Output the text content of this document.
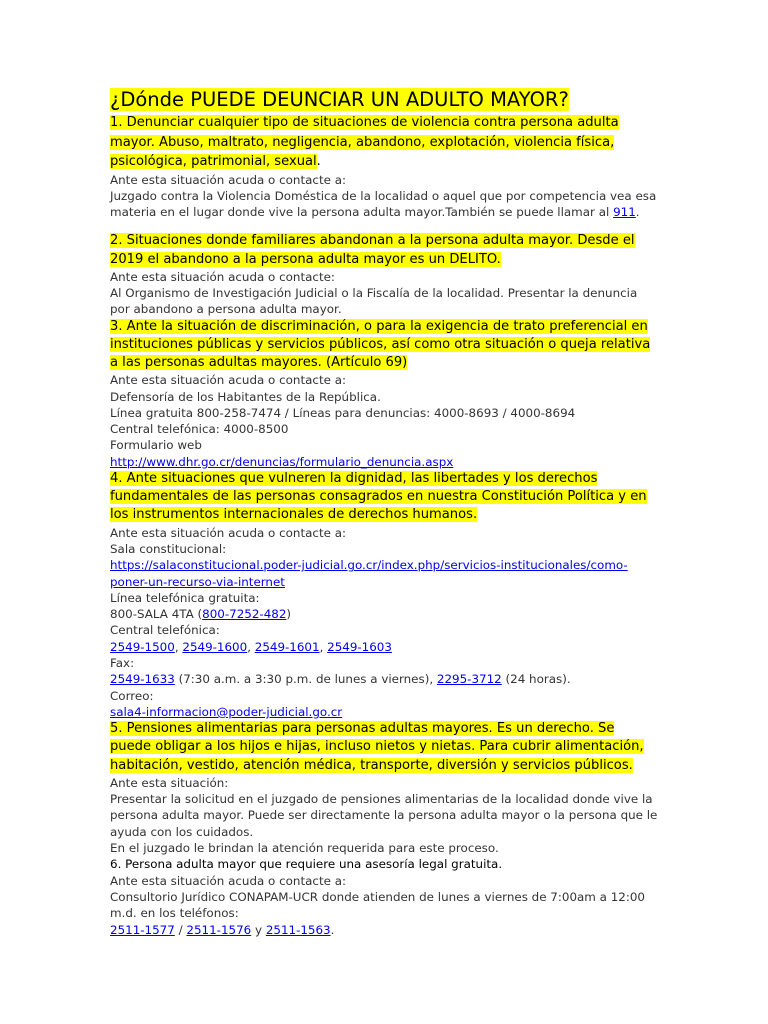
¿Dónde PUEDE DEUNCIAR UN ADULTO MAYOR?

1. Denunciar cualquier tipo de situaciones de violencia contra persona adulta mayor. Abuso, maltrato, negligencia, abandono, explotación, violencia física, psicológica, patrimonial, sexual.

Ante esta situación acuda o contacte a:

Juzgado contra la Violencia Doméstica de la localidad o aquel que por competencia vea esa materia en el lugar donde vive la persona adulta mayor.También se puede llamar al 911.

2. Situaciones donde familiares abandonan a la persona adulta mayor. Desde el 2019 el abandono a la persona adulta mayor es un DELITO.

Ante esta situación acuda o contacte:

Al Organismo de Investigación Judicial o la Fiscalía de la localidad. Presentar la denuncia por abandono a persona adulta mayor.

3. Ante la situación de discriminación, o para la exigencia de trato preferencial en instituciones públicas y servicios públicos, así como otra situación o queja relativa a las personas adultas mayores. (Artículo 69)

Ante esta situación acuda o contacte a:

Defensoría de los Habitantes de la República.

Línea gratuita 800-258-7474 / Líneas para denuncias: 4000-8693 / 4000-8694

Central telefónica: 4000-8500

Formulario web

http://www.dhr.go.cr/denuncias/formulario_denuncia.aspx

4. Ante situaciones que vulneren la dignidad, las libertades y los derechos fundamentales de las personas consagrados en nuestra Constitución Política y en los instrumentos internacionales de derechos humanos.

Ante esta situación acuda o contacte a:

Sala constitucional:

https://salaconstitucional.poder-judicial.go.cr/index.php/servicios-institucionales/como-poner-un-recurso-via-internet

Línea telefónica gratuita:

800-SALA 4TA (800-7252-482)

Central telefónica:

2549-1500, 2549-1600, 2549-1601, 2549-1603

Fax:

2549-1633 (7:30 a.m. a 3:30 p.m. de lunes a viernes), 2295-3712 (24 horas).

Correo:

sala4-informacion@poder-judicial.go.cr

5. Pensiones alimentarias para personas adultas mayores. Es un derecho. Se puede obligar a los hijos e hijas, incluso nietos y nietas. Para cubrir alimentación, habitación, vestido, atención médica, transporte, diversión y servicios públicos.

Ante esta situación:

Presentar la solicitud en el juzgado de pensiones alimentarias de la localidad donde vive la persona adulta mayor. Puede ser directamente la persona adulta mayor o la persona que le ayuda con los cuidados.

En el juzgado le brindan la atención requerida para este proceso.

6. Persona adulta mayor que requiere una asesoría legal gratuita.

Ante esta situación acuda o contacte a:

Consultorio Jurídico CONAPAM-UCR donde atienden de lunes a viernes de 7:00am a 12:00 m.d. en los teléfonos:

2511-1577 / 2511-1576 y 2511-1563.
